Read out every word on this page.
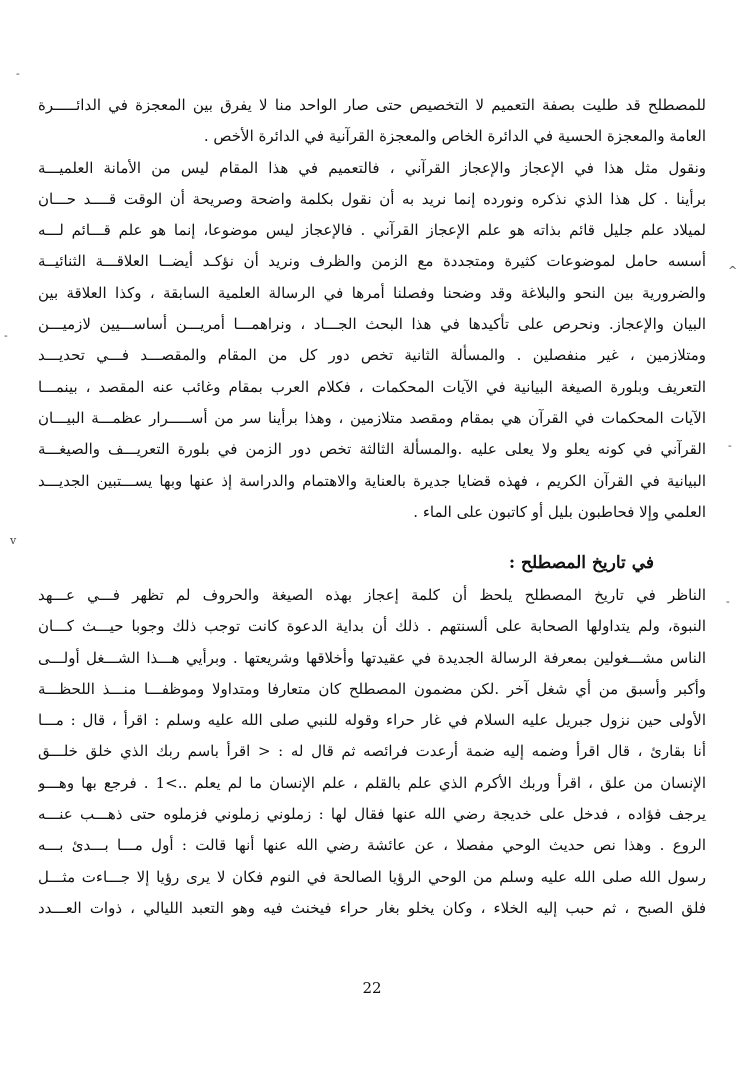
-
-
^
-
v
-
للمصطلح قد طليت بصفة التعميم لا التخصيص حتى صار الواحد منا لا يفرق بين المعجزة في الدائـــــرة
العامة والمعجزة الحسية في الدائرة الخاص والمعجزة القرآنية في الدائرة الأخص .
ونقول مثل هذا في الإعجاز والإعجاز القرآني ، فالتعميم في هذا المقام ليس من الأمانة العلميـــة
برأينا . كل هذا الذي نذكره ونورده إنما نريد به أن نقول بكلمة واضحة وصريحة أن الوقت قــــد حـــان
لميلاد علم جليل قائم بذاته هو علم الإعجاز القرآني . فالإعجاز ليس موضوعا، إنما هو علم قـــائم لـــه
أسسه حامل لموضوعات كثيرة ومتجددة مع الزمن والظرف ونريد أن نؤكـد أيضــا العلاقـــة الثنائيــة
والضرورية بين النحو والبلاغة وقد وضحنا وفصلنا أمرها في الرسالة العلمية السابقة ، وكذا العلاقة بين
البيان والإعجاز. ونحرص على تأكيدها في هذا البحث الجـــاد ، ونراهمـــا أمريـــن أساســـيين لازميـــن
ومتلازمين ، غير منفصلين . والمسألة الثانية تخص دور كل من المقام والمقصـــد فـــي تحديـــد
التعريف وبلورة الصيغة البيانية في الآيات المحكمات ، فكلام العرب بمقام وغائب عنه المقصد ، بينمـــا
الآيات المحكمات في القرآن هي بمقام ومقصد متلازمين ، وهذا برأينا سر من أســـــرار عظمـــة البيـــان
القرآني في كونه يعلو ولا يعلى عليه .والمسألة الثالثة تخص دور الزمن في بلورة التعريـــف والصيغـــة
البيانية في القرآن الكريم ، فهذه قضايا جديرة بالعناية والاهتمام والدراسة إذ عنها وبها يســـتبين الجديـــد
العلمي وإلا فحاطبون بليل أو كاتبون على الماء .
في تاريخ المصطلح :
الناظر في تاريخ المصطلح يلحظ أن كلمة إعجاز بهذه الصيغة والحروف لم تظهر فـــي عـــهد
النبوة، ولم يتداولها الصحابة على ألسنتهم . ذلك أن بداية الدعوة كانت توجب ذلك وجوبا حيـــث كـــان
الناس مشـــغولين بمعرفة الرسالة الجديدة في عقيدتها وأخلاقها وشريعتها . وبرأيي هـــذا الشـــغل أولـــى
وأكبر وأسبق من أي شغل آخر .لكن مضمون المصطلح كان متعارفا ومتداولا وموظفـــا منـــذ اللحظـــة
الأولى حين نزول جبريل عليه السلام في غار حراء وقوله للنبي صلى الله عليه وسلم : اقرأ ، قال : مـــا
أنا بقارئ ، قال اقرأ وضمه إليه ضمة أرعدت فرائصه ثم قال له : < اقرأ باسم ربك الذي خلق خلـــق
الإنسان من علق ، اقرأ وربك الأكرم الذي علم بالقلم ، علم الإنسان ما لم يعلم ..>1 . فرجع بها وهـــو
يرجف فؤاده ، فدخل على خديجة رضي الله عنها فقال لها : زملوني زملوني فزملوه حتى ذهـــب عنـــه
الروع . وهذا نص حديث الوحي مفصلا ، عن عائشة رضي الله عنها أنها قالت : أول مـــا بـــدئ بـــه
رسول الله صلى الله عليه وسلم من الوحي الرؤيا الصالحة في النوم فكان لا يرى رؤيا إلا جـــاءت مثـــل
فلق الصبح ، ثم حبب إليه الخلاء ، وكان يخلو بغار حراء فيخنث فيه وهو التعبد الليالي ، ذوات العـــدد
22
